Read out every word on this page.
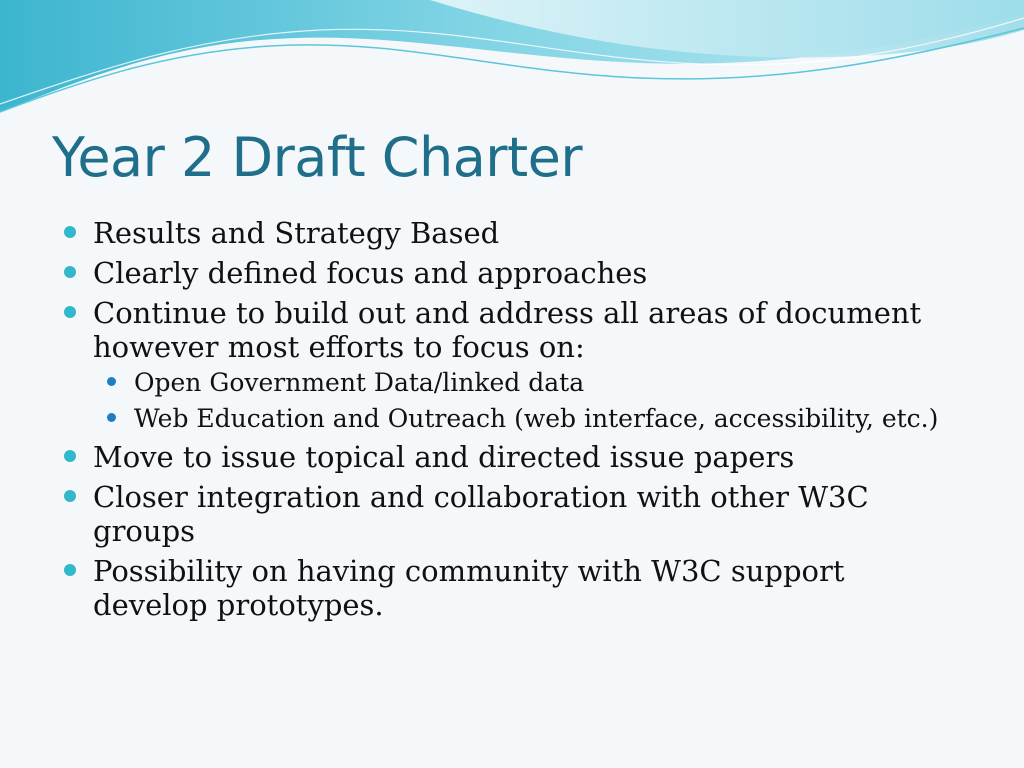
Year 2 Draft Charter
Results and Strategy Based
Clearly defined focus and approaches
Continue to build out and address all areas of document however most efforts to focus on:
Open Government Data/linked data
Web Education and Outreach (web interface, accessibility, etc.)
Move to issue topical and directed issue papers
Closer integration and collaboration with other W3C groups
Possibility on having community with W3C support develop prototypes.
